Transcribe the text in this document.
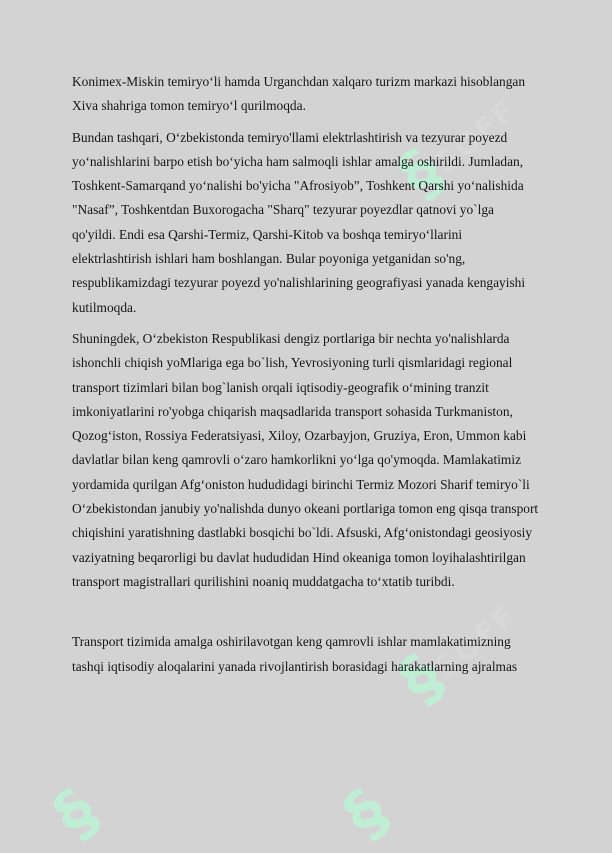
§SOFF
§SOFF
§	§

Konimex-Miskin temiryo‘li hamda Urganchdan xalqaro turizm markazi hisoblangan Xiva shahriga tomon temiryo‘l qurilmoqda.

Bundan tashqari, O‘zbekistonda temiryo'llami elektrlashtirish va tezyurar poyezd yo‘nalishlarini barpo etish bo‘yicha ham salmoqli ishlar amalga oshirildi. Jumladan, Toshkent-Samarqand yo‘nalishi bo'yicha "Afrosiyob”, Toshkent Qarshi yo‘nalishida "Nasaf”, Toshkentdan Buxorogacha "Sharq" tezyurar poyezdlar qatnovi yo`lga qo'yildi. Endi esa Qarshi-Termiz, Qarshi-Kitob va boshqa temiryo‘llarini elektrlashtirish ishlari ham boshlangan. Bular poyoniga yetganidan so'ng, respublikamizdagi tezyurar poyezd yo'nalishlarining geografiyasi yanada kengayishi kutilmoqda.

Shuningdek, O‘zbekiston Respublikasi dengiz portlariga bir nechta yo'nalishlarda ishonchli chiqish yoMlariga ega bo`lish, Yevrosiyoning turli qismlaridagi regional transport tizimlari bilan bog`lanish orqali iqtisodiy-geografik o‘mining tranzit imkoniyatlarini ro'yobga chiqarish maqsadlarida transport sohasida Turkmaniston, Qozog‘iston, Rossiya Federatsiyasi, Xiloy, Ozarbayjon, Gruziya, Eron, Ummon kabi davlatlar bilan keng qamrovli o‘zaro hamkorlikni yo‘lga qo'ymoqda. Mamlakatimiz yordamida qurilgan Afg‘oniston hududidagi birinchi Termiz Mozori Sharif temiryo`li O‘zbekistondan janubiy yo'nalishda dunyo okeani portlariga tomon eng qisqa transport chiqishini yaratishning dastlabki bosqichi bo`ldi. Afsuski, Afg‘onistondagi geosiyosiy vaziyatning beqarorligi bu davlat hududidan Hind okeaniga tomon loyihalashtirilgan transport magistrallari qurilishini noaniq muddatgacha to‘xtatib turibdi.

Transport tizimida amalga oshirilavotgan keng qamrovli ishlar mamlakatimizning tashqi iqtisodiy aloqalarini yanada rivojlantirish borasidagi harakatlarning ajralmas
